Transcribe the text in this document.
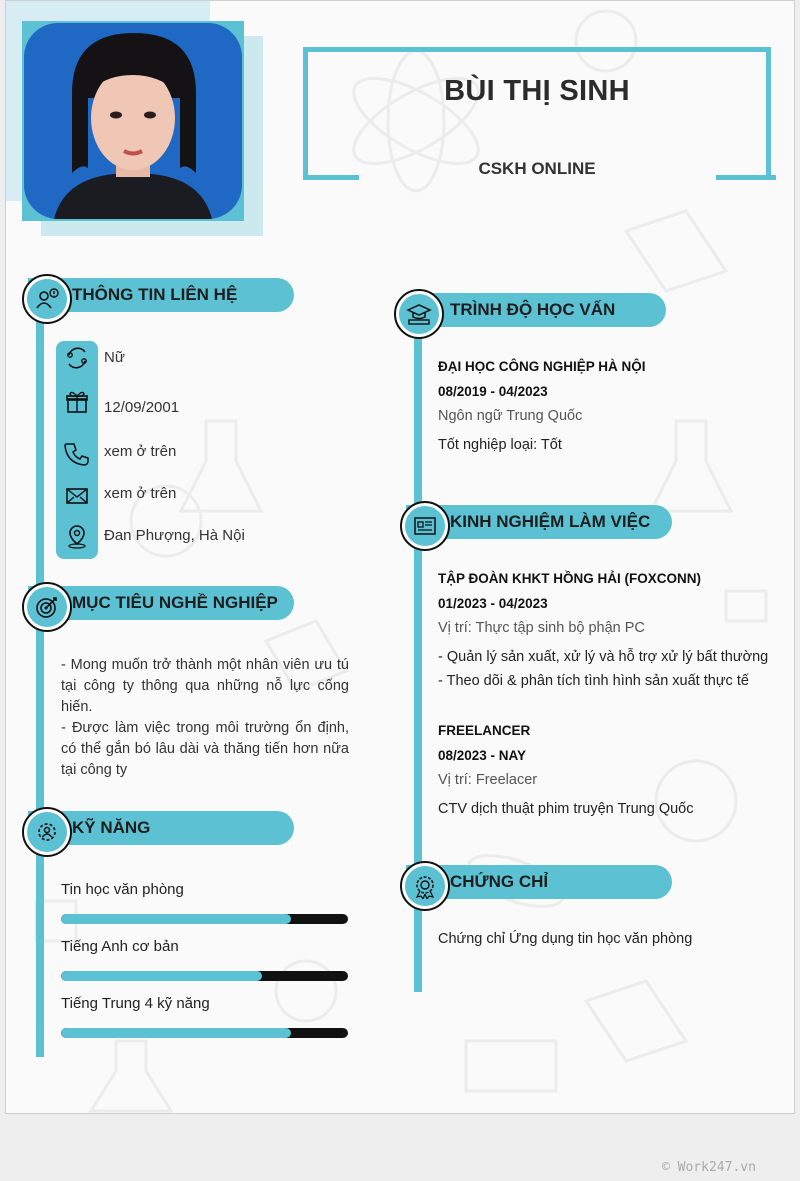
BÙI THỊ SINH
CSKH ONLINE
THÔNG TIN LIÊN HỆ
Nữ
12/09/2001
xem ở trên
xem ở trên
Đan Phượng, Hà Nội
MỤC TIÊU NGHỀ NGHIỆP
- Mong muốn trở thành một nhân viên ưu tú tại công ty thông qua những nỗ lực cống hiến.
- Được làm việc trong môi trường ổn định, có thể gắn bó lâu dài và thăng tiến hơn nữa tại công ty
KỸ NĂNG
Tin học văn phòng
Tiếng Anh cơ bản
Tiếng Trung 4 kỹ năng
TRÌNH ĐỘ HỌC VẤN
ĐẠI HỌC CÔNG NGHIỆP HÀ NỘI
08/2019 - 04/2023
Ngôn ngữ Trung Quốc
Tốt nghiệp loại: Tốt
KINH NGHIỆM LÀM VIỆC
TẬP ĐOÀN KHKT HỒNG HẢI (FOXCONN)
01/2023 - 04/2023
Vị trí: Thực tập sinh bộ phận PC
- Quản lý sản xuất, xử lý và hỗ trợ xử lý bất thường
- Theo dõi & phân tích tình hình sản xuất thực tế
FREELANCER
08/2023 - NAY
Vị trí: Freelacer
CTV dịch thuật phim truyện Trung Quốc
CHỨNG CHỈ
Chứng chỉ Ứng dụng tin học văn phòng
© Work247.vn
